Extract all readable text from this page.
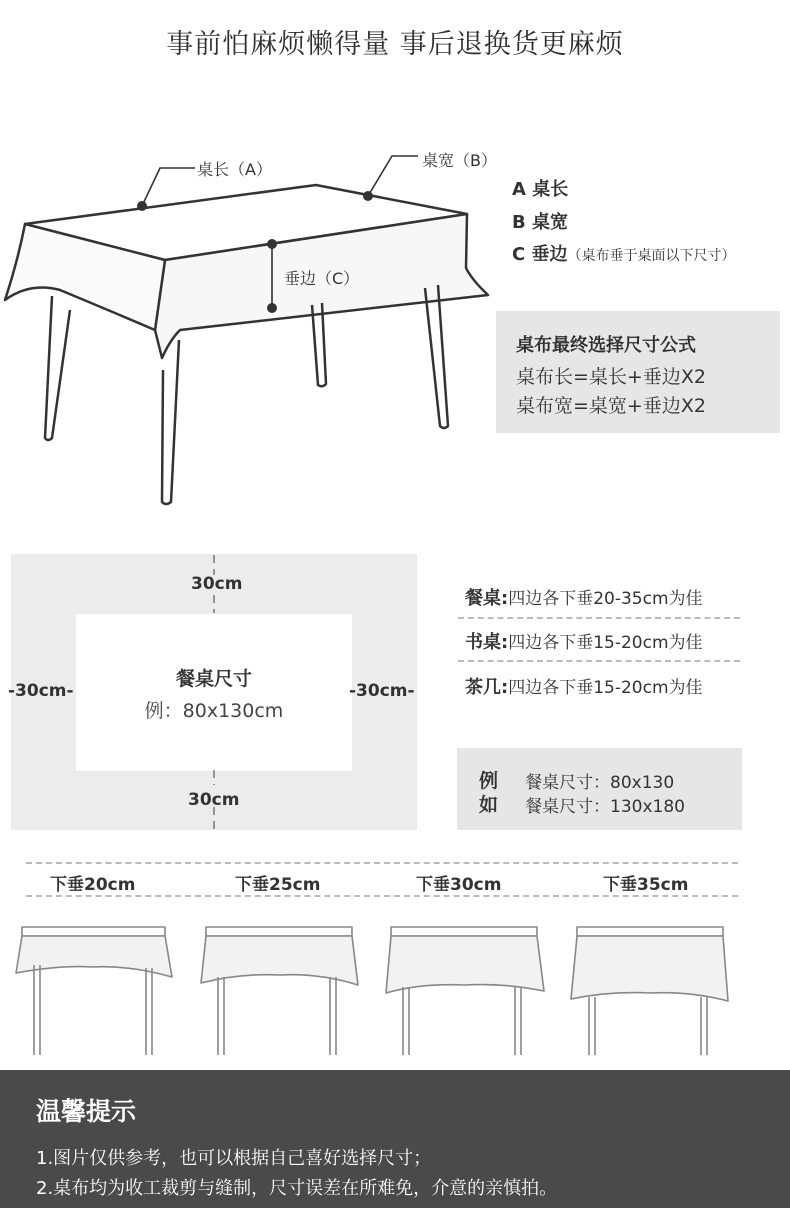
事前怕麻烦懒得量 事后退换货更麻烦
桌长（A）	桌宽（B）
垂边（C）
A 桌长
B 桌宽
C 垂边（桌布垂于桌面以下尺寸）
桌布最终选择尺寸公式
桌布长=桌长+垂边X2
桌布宽=桌宽+垂边X2
30cm
30cm
-30cm-	-30cm-
餐桌尺寸
例：80x130cm
餐桌:四边各下垂20-35cm为佳
书桌:四边各下垂15-20cm为佳
茶几:四边各下垂15-20cm为佳
例
如
餐桌尺寸：80x130
餐桌尺寸：130x180
下垂20cm	下垂25cm	下垂30cm	下垂35cm
温馨提示
1.图片仅供参考，也可以根据自己喜好选择尺寸；
2.桌布均为收工裁剪与缝制，尺寸误差在所难免，介意的亲慎拍。
